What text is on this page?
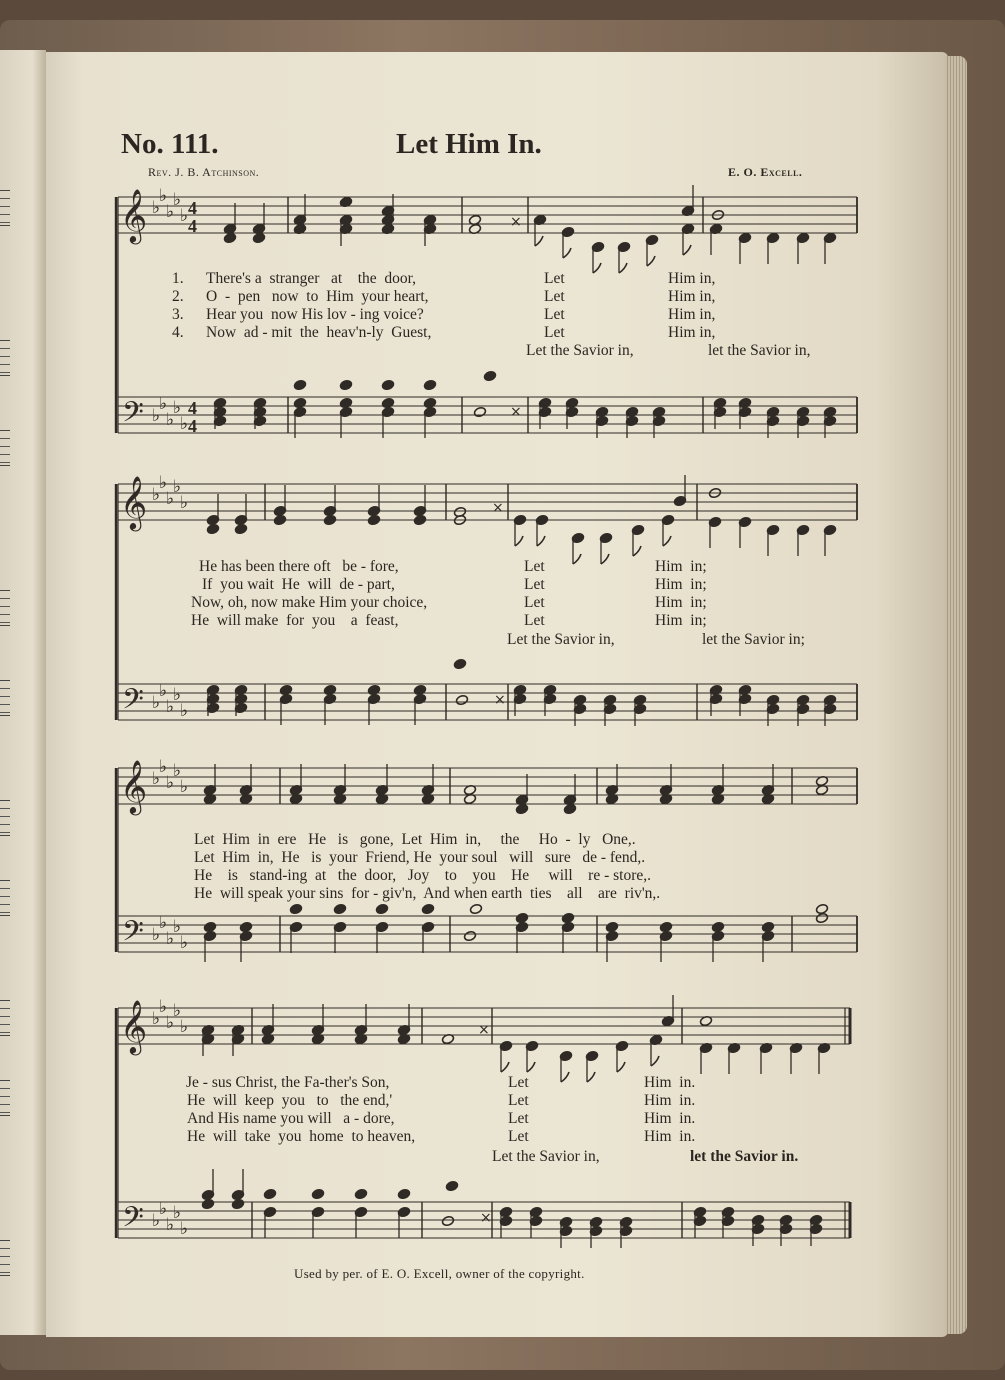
𝄞
𝄢
♭
♭
♭
♭
♭
♭
♭
♭
♭
♭
4
4
4
4
×
×
𝄞
𝄢
♭
♭
♭
♭
♭
♭
♭
♭
♭
♭
×
×
𝄞
𝄢
♭
♭
♭
♭
♭
♭
♭
♭
♭
♭
𝄞
𝄢
♭
♭
♭
♭
♭
♭
♭
♭
♭
♭
×
×
No. 111.	Let Him In.
Rev. J. B. Atchinson.	E. O. Excell.
1. There's a  stranger   at    the  door,	Let	Him in,
2. O  -  pen   now  to  Him  your heart,	Let	Him in,
3. Hear you  now His lov - ing voice?	Let	Him in,
4. Now  ad - mit  the  heav'n-ly  Guest,	Let	Him in,
Let the Savior in,	let the Savior in,
He has been there oft   be - fore,	Let	Him  in;
If  you wait  He  will  de - part,	Let	Him  in;
Now, oh, now make Him your choice,	Let	Him  in;
He  will make  for  you    a  feast,	Let	Him  in;
Let the Savior in,	let the Savior in;
Let  Him  in  ere   He   is   gone,  Let  Him  in,     the     Ho  -  ly   One,.
Let  Him  in,  He   is  your  Friend, He  your soul   will   sure   de - fend,.
He    is   stand-ing  at   the  door,   Joy    to    you    He     will    re - store,.
He  will speak your sins  for - giv'n,  And when earth  ties    all    are  riv'n,.
Je - sus Christ, the Fa-ther's Son,	Let	Him  in.
He  will  keep  you   to   the end,'	Let	Him  in.
And His name you will   a - dore,	Let	Him  in.
He  will  take  you  home  to heaven,	Let	Him  in.
Let the Savior in,	let the Savior in.
Used by per. of E. O. Excell, owner of the copyright.
